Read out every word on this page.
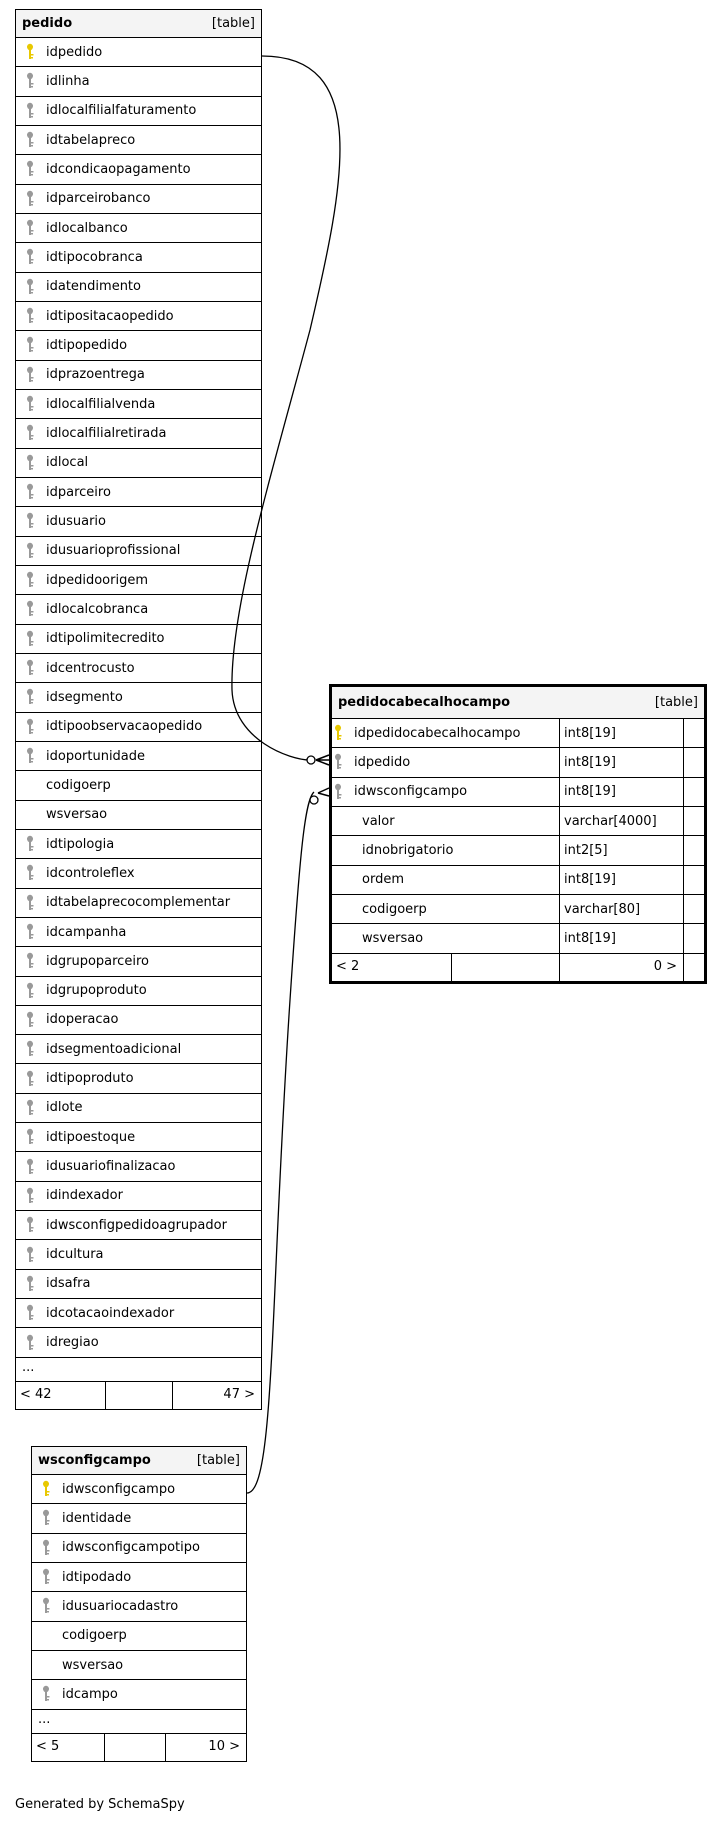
pedido	[table]
idpedido
idlinha
idlocalfilialfaturamento
idtabelapreco
idcondicaopagamento
idparceirobanco
idlocalbanco
idtipocobranca
idatendimento
idtipositacaopedido
idtipopedido
idprazoentrega
idlocalfilialvenda
idlocalfilialretirada
idlocal
idparceiro
idusuario
idusuarioprofissional
idpedidoorigem
idlocalcobranca
idtipolimitecredito
idcentrocusto
idsegmento
idtipoobservacaopedido
idoportunidade
codigoerp
wsversao
idtipologia
idcontroleflex
idtabelaprecocomplementar
idcampanha
idgrupoparceiro
idgrupoproduto
idoperacao
idsegmentoadicional
idtipoproduto
idlote
idtipoestoque
idusuariofinalizacao
idindexador
idwsconfigpedidoagrupador
idcultura
idsafra
idcotacaoindexador
idregiao
...
< 42	47 >
pedidocabecalhocampo	[table]
idpedidocabecalhocampo	int8[19]
idpedido	int8[19]
idwsconfigcampo	int8[19]
valor	varchar[4000]
idnobrigatorio	int2[5]
ordem	int8[19]
codigoerp	varchar[80]
wsversao	int8[19]
< 2	0 >
wsconfigcampo	[table]
idwsconfigcampo
identidade
idwsconfigcampotipo
idtipodado
idusuariocadastro
codigoerp
wsversao
idcampo
...
< 5	10 >
Generated by SchemaSpy
